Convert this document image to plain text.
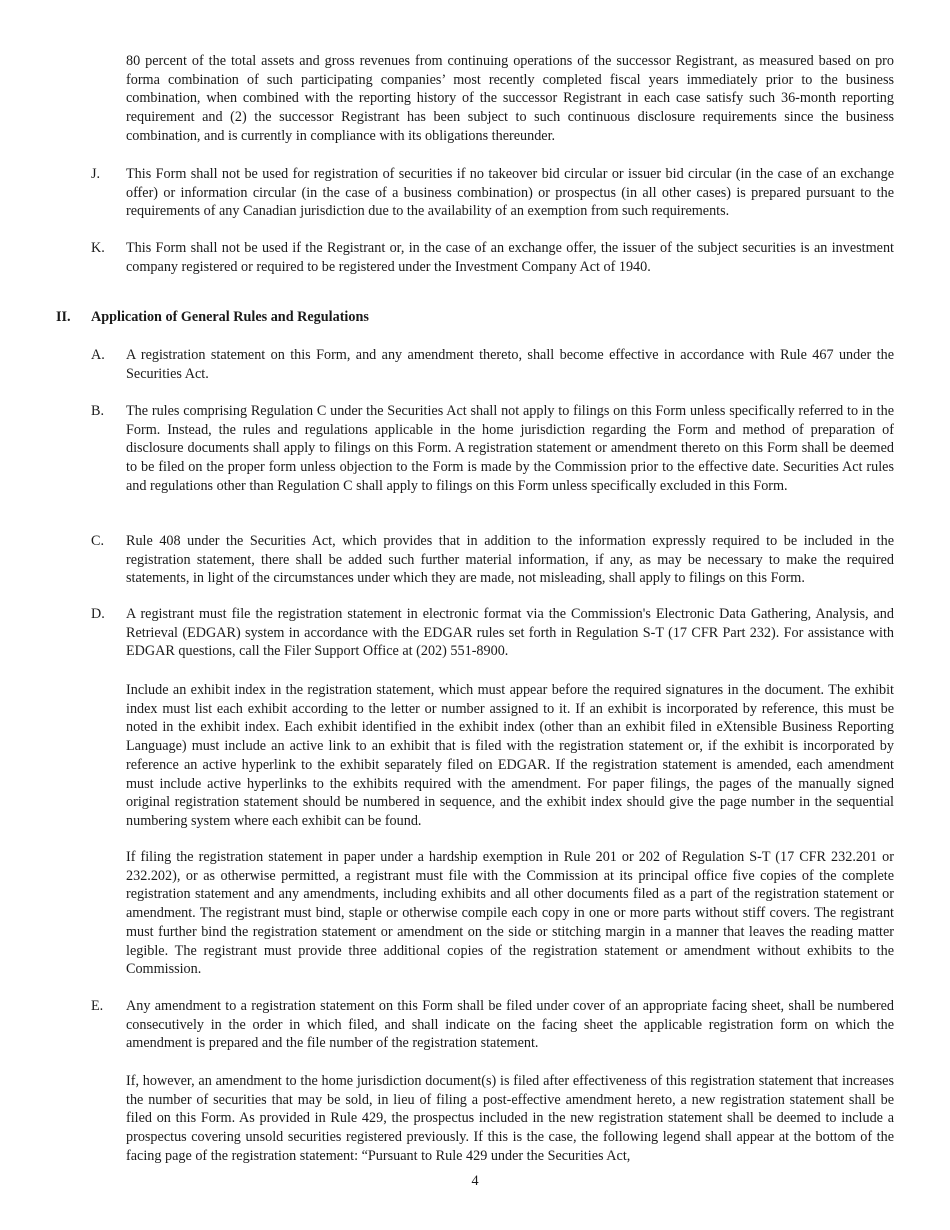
80 percent of the total assets and gross revenues from continuing operations of the successor Registrant, as measured based on pro forma combination of such participating companies’ most recently completed fiscal years immediately prior to the business combination, when combined with the reporting history of the successor Registrant in each case satisfy such 36-month reporting requirement and (2) the successor Registrant has been subject to such continuous disclosure requirements since the business combination, and is currently in compliance with its obligations thereunder.

J. This Form shall not be used for registration of securities if no takeover bid circular or issuer bid circular (in the case of an exchange offer) or information circular (in the case of a business combination) or prospectus (in all other cases) is prepared pursuant to the requirements of any Canadian jurisdiction due to the availability of an exemption from such requirements.

K. This Form shall not be used if the Registrant or, in the case of an exchange offer, the issuer of the subject securities is an investment company registered or required to be registered under the Investment Company Act of 1940.

II. Application of General Rules and Regulations
A. A registration statement on this Form, and any amendment thereto, shall become effective in accordance with Rule 467 under the Securities Act.

B. The rules comprising Regulation C under the Securities Act shall not apply to filings on this Form unless specifically referred to in the Form. Instead, the rules and regulations applicable in the home jurisdiction regarding the Form and method of preparation of disclosure documents shall apply to filings on this Form. A registration statement or amendment thereto on this Form shall be deemed to be filed on the proper form unless objection to the Form is made by the Commission prior to the effective date. Securities Act rules and regulations other than Regulation C shall apply to filings on this Form unless specifically excluded in this Form.

C. Rule 408 under the Securities Act, which provides that in addition to the information expressly required to be included in the registration statement, there shall be added such further material information, if any, as may be necessary to make the required statements, in light of the circumstances under which they are made, not misleading, shall apply to filings on this Form.

D. A registrant must file the registration statement in electronic format via the Commission's Electronic Data Gathering, Analysis, and Retrieval (EDGAR) system in accordance with the EDGAR rules set forth in Regulation S-T (17 CFR Part 232). For assistance with EDGAR questions, call the Filer Support Office at (202) 551-8900.

Include an exhibit index in the registration statement, which must appear before the required signatures in the document. The exhibit index must list each exhibit according to the letter or number assigned to it. If an exhibit is incorporated by reference, this must be noted in the exhibit index. Each exhibit identified in the exhibit index (other than an exhibit filed in eXtensible Business Reporting Language) must include an active link to an exhibit that is filed with the registration statement or, if the exhibit is incorporated by reference an active hyperlink to the exhibit separately filed on EDGAR. If the registration statement is amended, each amendment must include active hyperlinks to the exhibits required with the amendment. For paper filings, the pages of the manually signed original registration statement should be numbered in sequence, and the exhibit index should give the page number in the sequential numbering system where each exhibit can be found.

If filing the registration statement in paper under a hardship exemption in Rule 201 or 202 of Regulation S-T (17 CFR 232.201 or 232.202), or as otherwise permitted, a registrant must file with the Commission at its principal office five copies of the complete registration statement and any amendments, including exhibits and all other documents filed as a part of the registration statement or amendment. The registrant must bind, staple or otherwise compile each copy in one or more parts without stiff covers. The registrant must further bind the registration statement or amendment on the side or stitching margin in a manner that leaves the reading matter legible. The registrant must provide three additional copies of the registration statement or amendment without exhibits to the Commission.

E. Any amendment to a registration statement on this Form shall be filed under cover of an appropriate facing sheet, shall be numbered consecutively in the order in which filed, and shall indicate on the facing sheet the applicable registration form on which the amendment is prepared and the file number of the registration statement.

If, however, an amendment to the home jurisdiction document(s) is filed after effectiveness of this registration statement that increases the number of securities that may be sold, in lieu of filing a post-effective amendment hereto, a new registration statement shall be filed on this Form. As provided in Rule 429, the prospectus included in the new registration statement shall be deemed to include a prospectus covering unsold securities registered previously. If this is the case, the following legend shall appear at the bottom of the facing page of the registration statement: “Pursuant to Rule 429 under the Securities Act,

4
